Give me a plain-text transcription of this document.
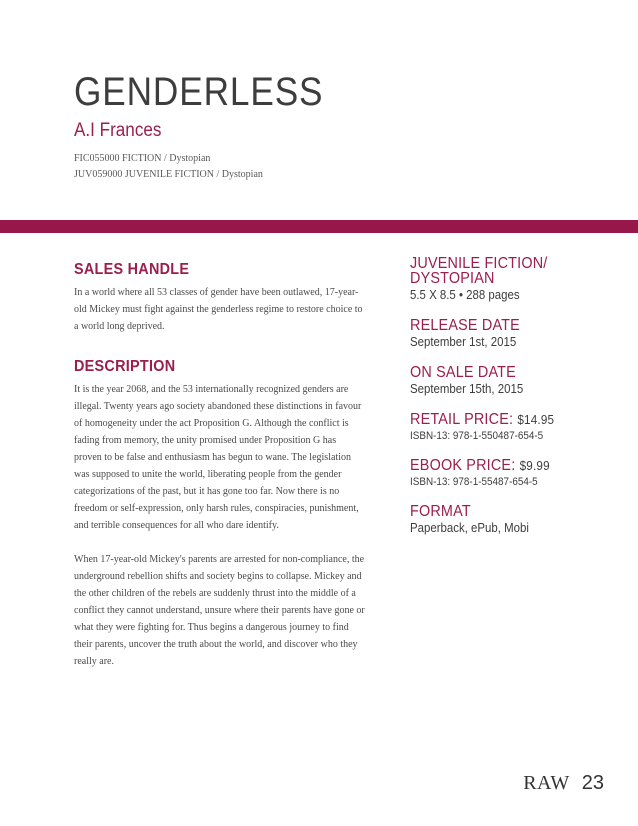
GENDERLESS
A.I Frances
FIC055000 FICTION / Dystopian
JUV059000 JUVENILE FICTION / Dystopian
SALES HANDLE

In a world where all 53 classes of gender have been outlawed, 17-year-old Mickey must fight against the genderless regime to restore choice to a world long deprived.

DESCRIPTION

It is the year 2068, and the 53 internationally recognized genders are illegal. Twenty years ago society abandoned these distinctions in favour of homogeneity under the act Proposition G. Although the conflict is fading from memory, the unity promised under Proposition G has proven to be false and enthusiasm has begun to wane. The legislation was supposed to unite the world, liberating people from the gender categorizations of the past, but it has gone too far. Now there is no freedom or self-expression, only harsh rules, conspiracies, punishment, and terrible consequences for all who dare identify.

When 17-year-old Mickey's parents are arrested for non-compliance, the underground rebellion shifts and society begins to collapse. Mickey and the other children of the rebels are suddenly thrust into the middle of a conflict they cannot understand, unsure where their parents have gone or what they were fighting for. Thus begins a dangerous journey to find their parents, uncover the truth about the world, and discover who they really are.

JUVENILE FICTION/
DYSTOPIAN
5.5 X 8.5 • 288 pages
RELEASE DATE
September 1st, 2015
ON SALE DATE
September 15th, 2015
RETAIL PRICE: $14.95
ISBN-13: 978-1-550487-654-5
EBOOK PRICE: $9.99
ISBN-13: 978-1-55487-654-5
FORMAT
Paperback, ePub, Mobi
RAW 23
